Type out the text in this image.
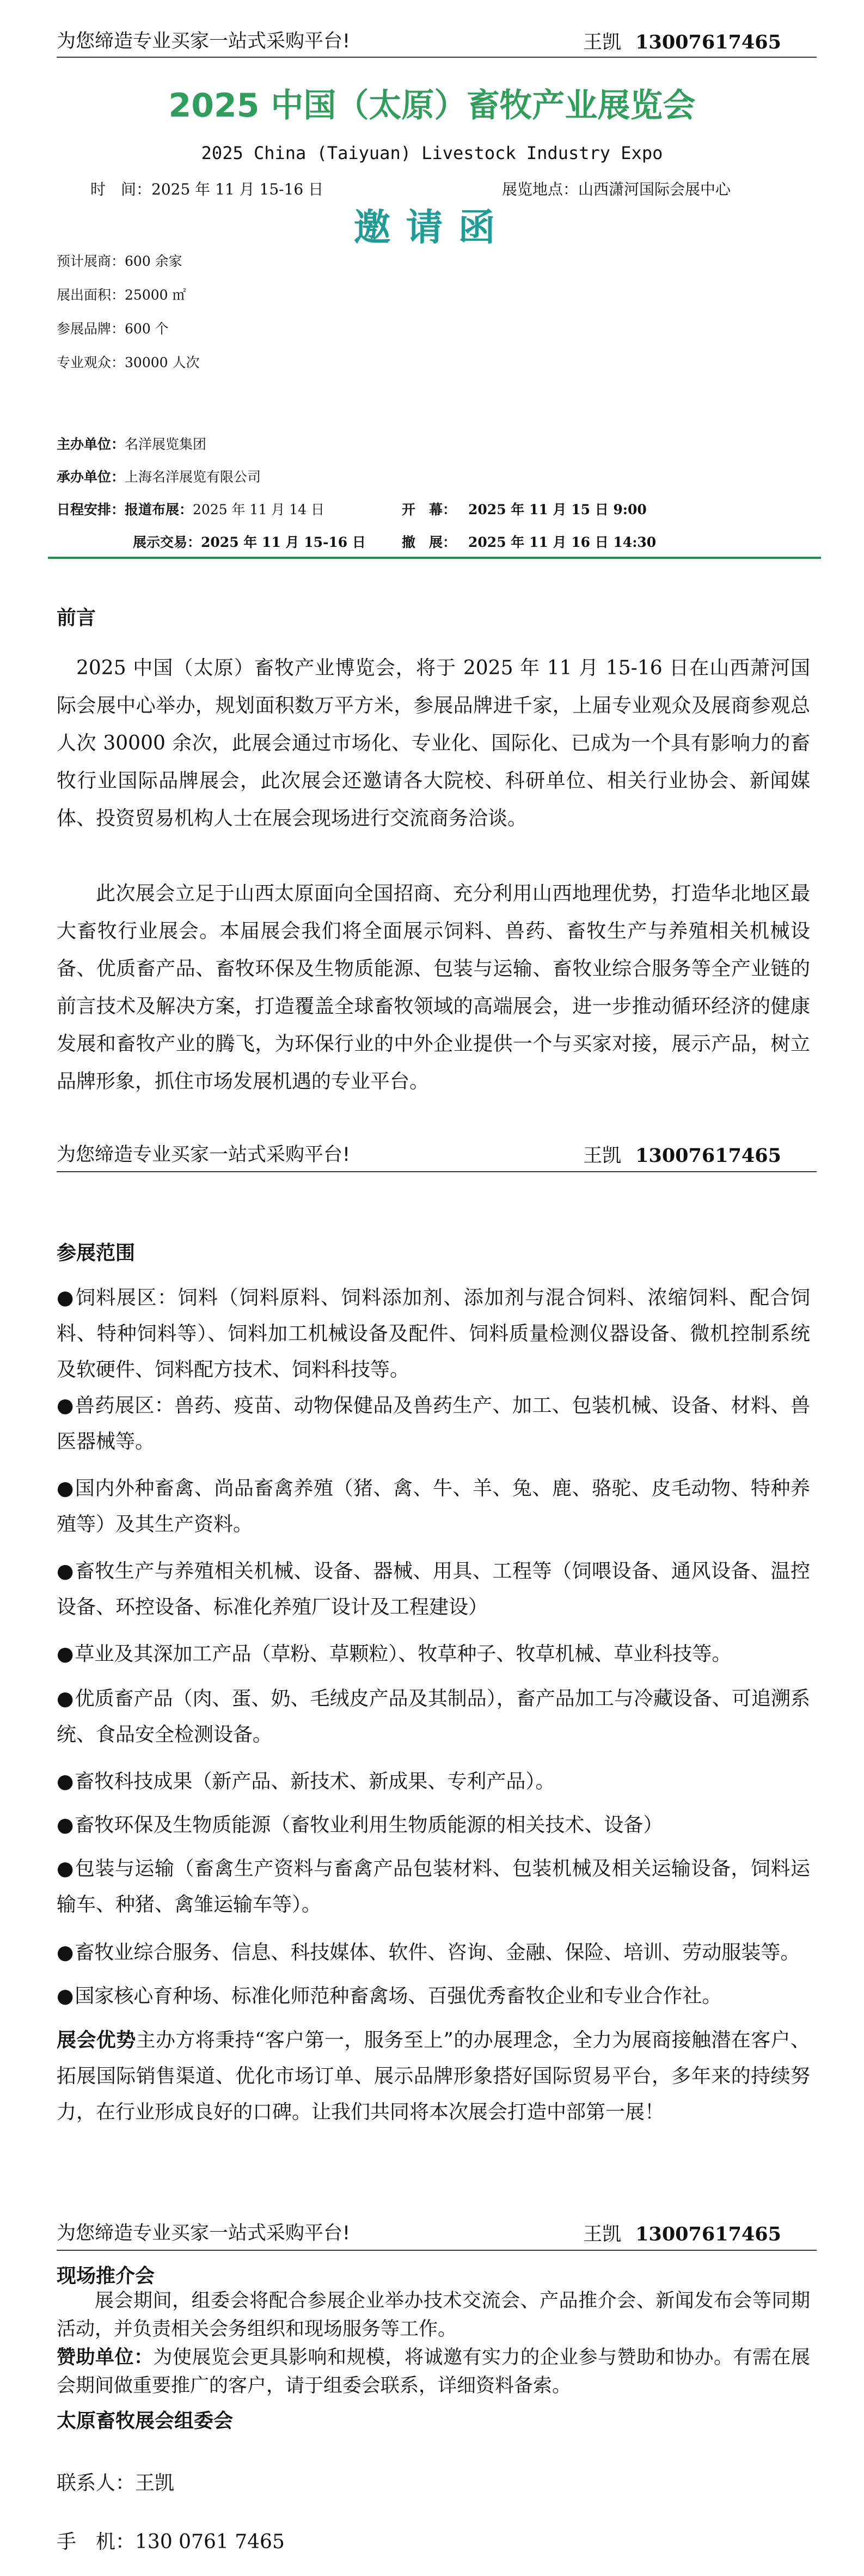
为您缔造专业买家一站式采购平台!	王凯 13007617465
2025 中国（太原）畜牧产业展览会
2025 China (Taiyuan) Livestock Industry Expo
时　间：2025 年 11 月 15-16 日	展览地点：山西潇河国际会展中心
邀请函
预计展商：600 余家
展出面积：25000 ㎡
参展品牌：600 个
专业观众：30000 人次
主办单位：名洋展览集团
承办单位：上海名洋展览有限公司
日程安排：报道布展：2025 年 11 月 14 日	开　幕： 2025 年 11 月 15 日 9:00
展示交易：2025 年 11 月 15-16 日	撤　展： 2025 年 11 月 16 日 14:30
前言
2025 中国（太原）畜牧产业博览会，将于 2025 年 11 月 15-16 日在山西萧河国际会展中心举办，规划面积数万平方米，参展品牌进千家，上届专业观众及展商参观总人次 30000 余次，此展会通过市场化、专业化、国际化、已成为一个具有影响力的畜牧行业国际品牌展会，此次展会还邀请各大院校、科研单位、相关行业协会、新闻媒体、投资贸易机构人士在展会现场进行交流商务洽谈。
此次展会立足于山西太原面向全国招商、充分利用山西地理优势，打造华北地区最大畜牧行业展会。本届展会我们将全面展示饲料、兽药、畜牧生产与养殖相关机械设备、优质畜产品、畜牧环保及生物质能源、包装与运输、畜牧业综合服务等全产业链的前言技术及解决方案，打造覆盖全球畜牧领域的高端展会，进一步推动循环经济的健康发展和畜牧产业的腾飞，为环保行业的中外企业提供一个与买家对接，展示产品，树立品牌形象，抓住市场发展机遇的专业平台。
为您缔造专业买家一站式采购平台!	王凯 13007617465
参展范围
●饲料展区：饲料（饲料原料、饲料添加剂、添加剂与混合饲料、浓缩饲料、配合饲料、特种饲料等）、饲料加工机械设备及配件、饲料质量检测仪器设备、微机控制系统及软硬件、饲料配方技术、饲料科技等。
●兽药展区：兽药、疫苗、动物保健品及兽药生产、加工、包装机械、设备、材料、兽医器械等。
●国内外种畜禽、尚品畜禽养殖（猪、禽、牛、羊、兔、鹿、骆驼、皮毛动物、特种养殖等）及其生产资料。
●畜牧生产与养殖相关机械、设备、器械、用具、工程等（饲喂设备、通风设备、温控设备、环控设备、标准化养殖厂设计及工程建设）
●草业及其深加工产品（草粉、草颗粒）、牧草种子、牧草机械、草业科技等。
●优质畜产品（肉、蛋、奶、毛绒皮产品及其制品），畜产品加工与冷藏设备、可追溯系统、食品安全检测设备。
●畜牧科技成果（新产品、新技术、新成果、专利产品）。
●畜牧环保及生物质能源（畜牧业利用生物质能源的相关技术、设备）
●包装与运输（畜禽生产资料与畜禽产品包装材料、包装机械及相关运输设备，饲料运输车、种猪、禽雏运输车等）。
●畜牧业综合服务、信息、科技媒体、软件、咨询、金融、保险、培训、劳动服装等。
●国家核心育种场、标准化师范种畜禽场、百强优秀畜牧企业和专业合作社。
展会优势主办方将秉持“客户第一，服务至上”的办展理念，全力为展商接触潜在客户、拓展国际销售渠道、优化市场订单、展示品牌形象搭好国际贸易平台，多年来的持续努力，在行业形成良好的口碑。让我们共同将本次展会打造中部第一展！
为您缔造专业买家一站式采购平台!	王凯 13007617465
现场推介会
展会期间，组委会将配合参展企业举办技术交流会、产品推介会、新闻发布会等同期活动，并负责相关会务组织和现场服务等工作。
赞助单位：为使展览会更具影响和规模，将诚邀有实力的企业参与赞助和协办。有需在展会期间做重要推广的客户，请于组委会联系，详细资料备索。
太原畜牧展会组委会
联系人：王凯
手　机：130 0761 7465
